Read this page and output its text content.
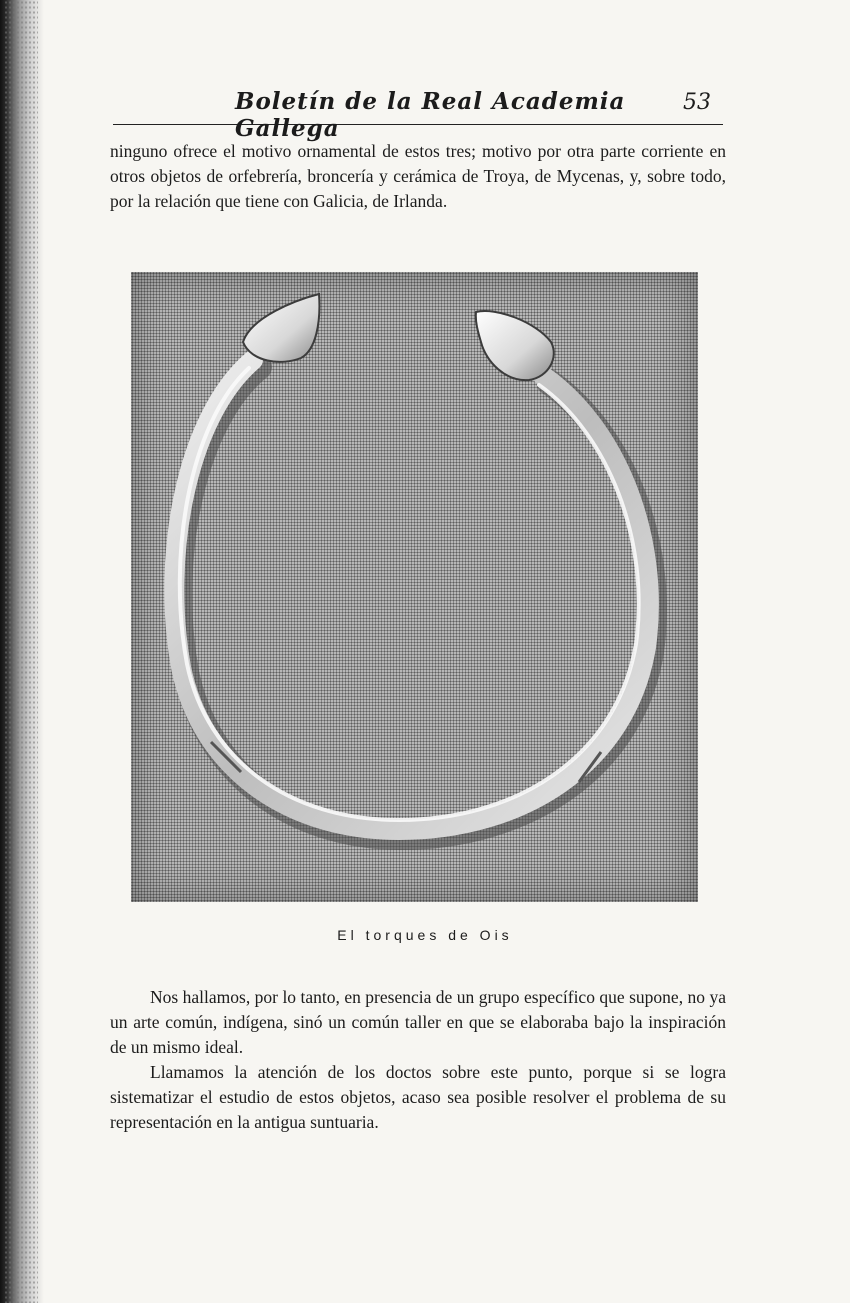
Boletín de la Real Academia Gallega
53

ninguno ofrece el motivo ornamental de estos tres; motivo por otra parte corriente en otros objetos de orfebrería, broncería y cerámica de Troya, de Mycenas, y, sobre todo, por la relación que tiene con Galicia, de Irlanda.

El torques de Ois

Nos hallamos, por lo tanto, en presencia de un grupo específico que supone, no ya un arte común, indígena, sinó un común taller en que se elaboraba bajo la inspiración de un mismo ideal.

Llamamos la atención de los doctos sobre este punto, porque si se logra sistematizar el estudio de estos objetos, acaso sea posible resolver el problema de su representación en la antigua suntuaria.
